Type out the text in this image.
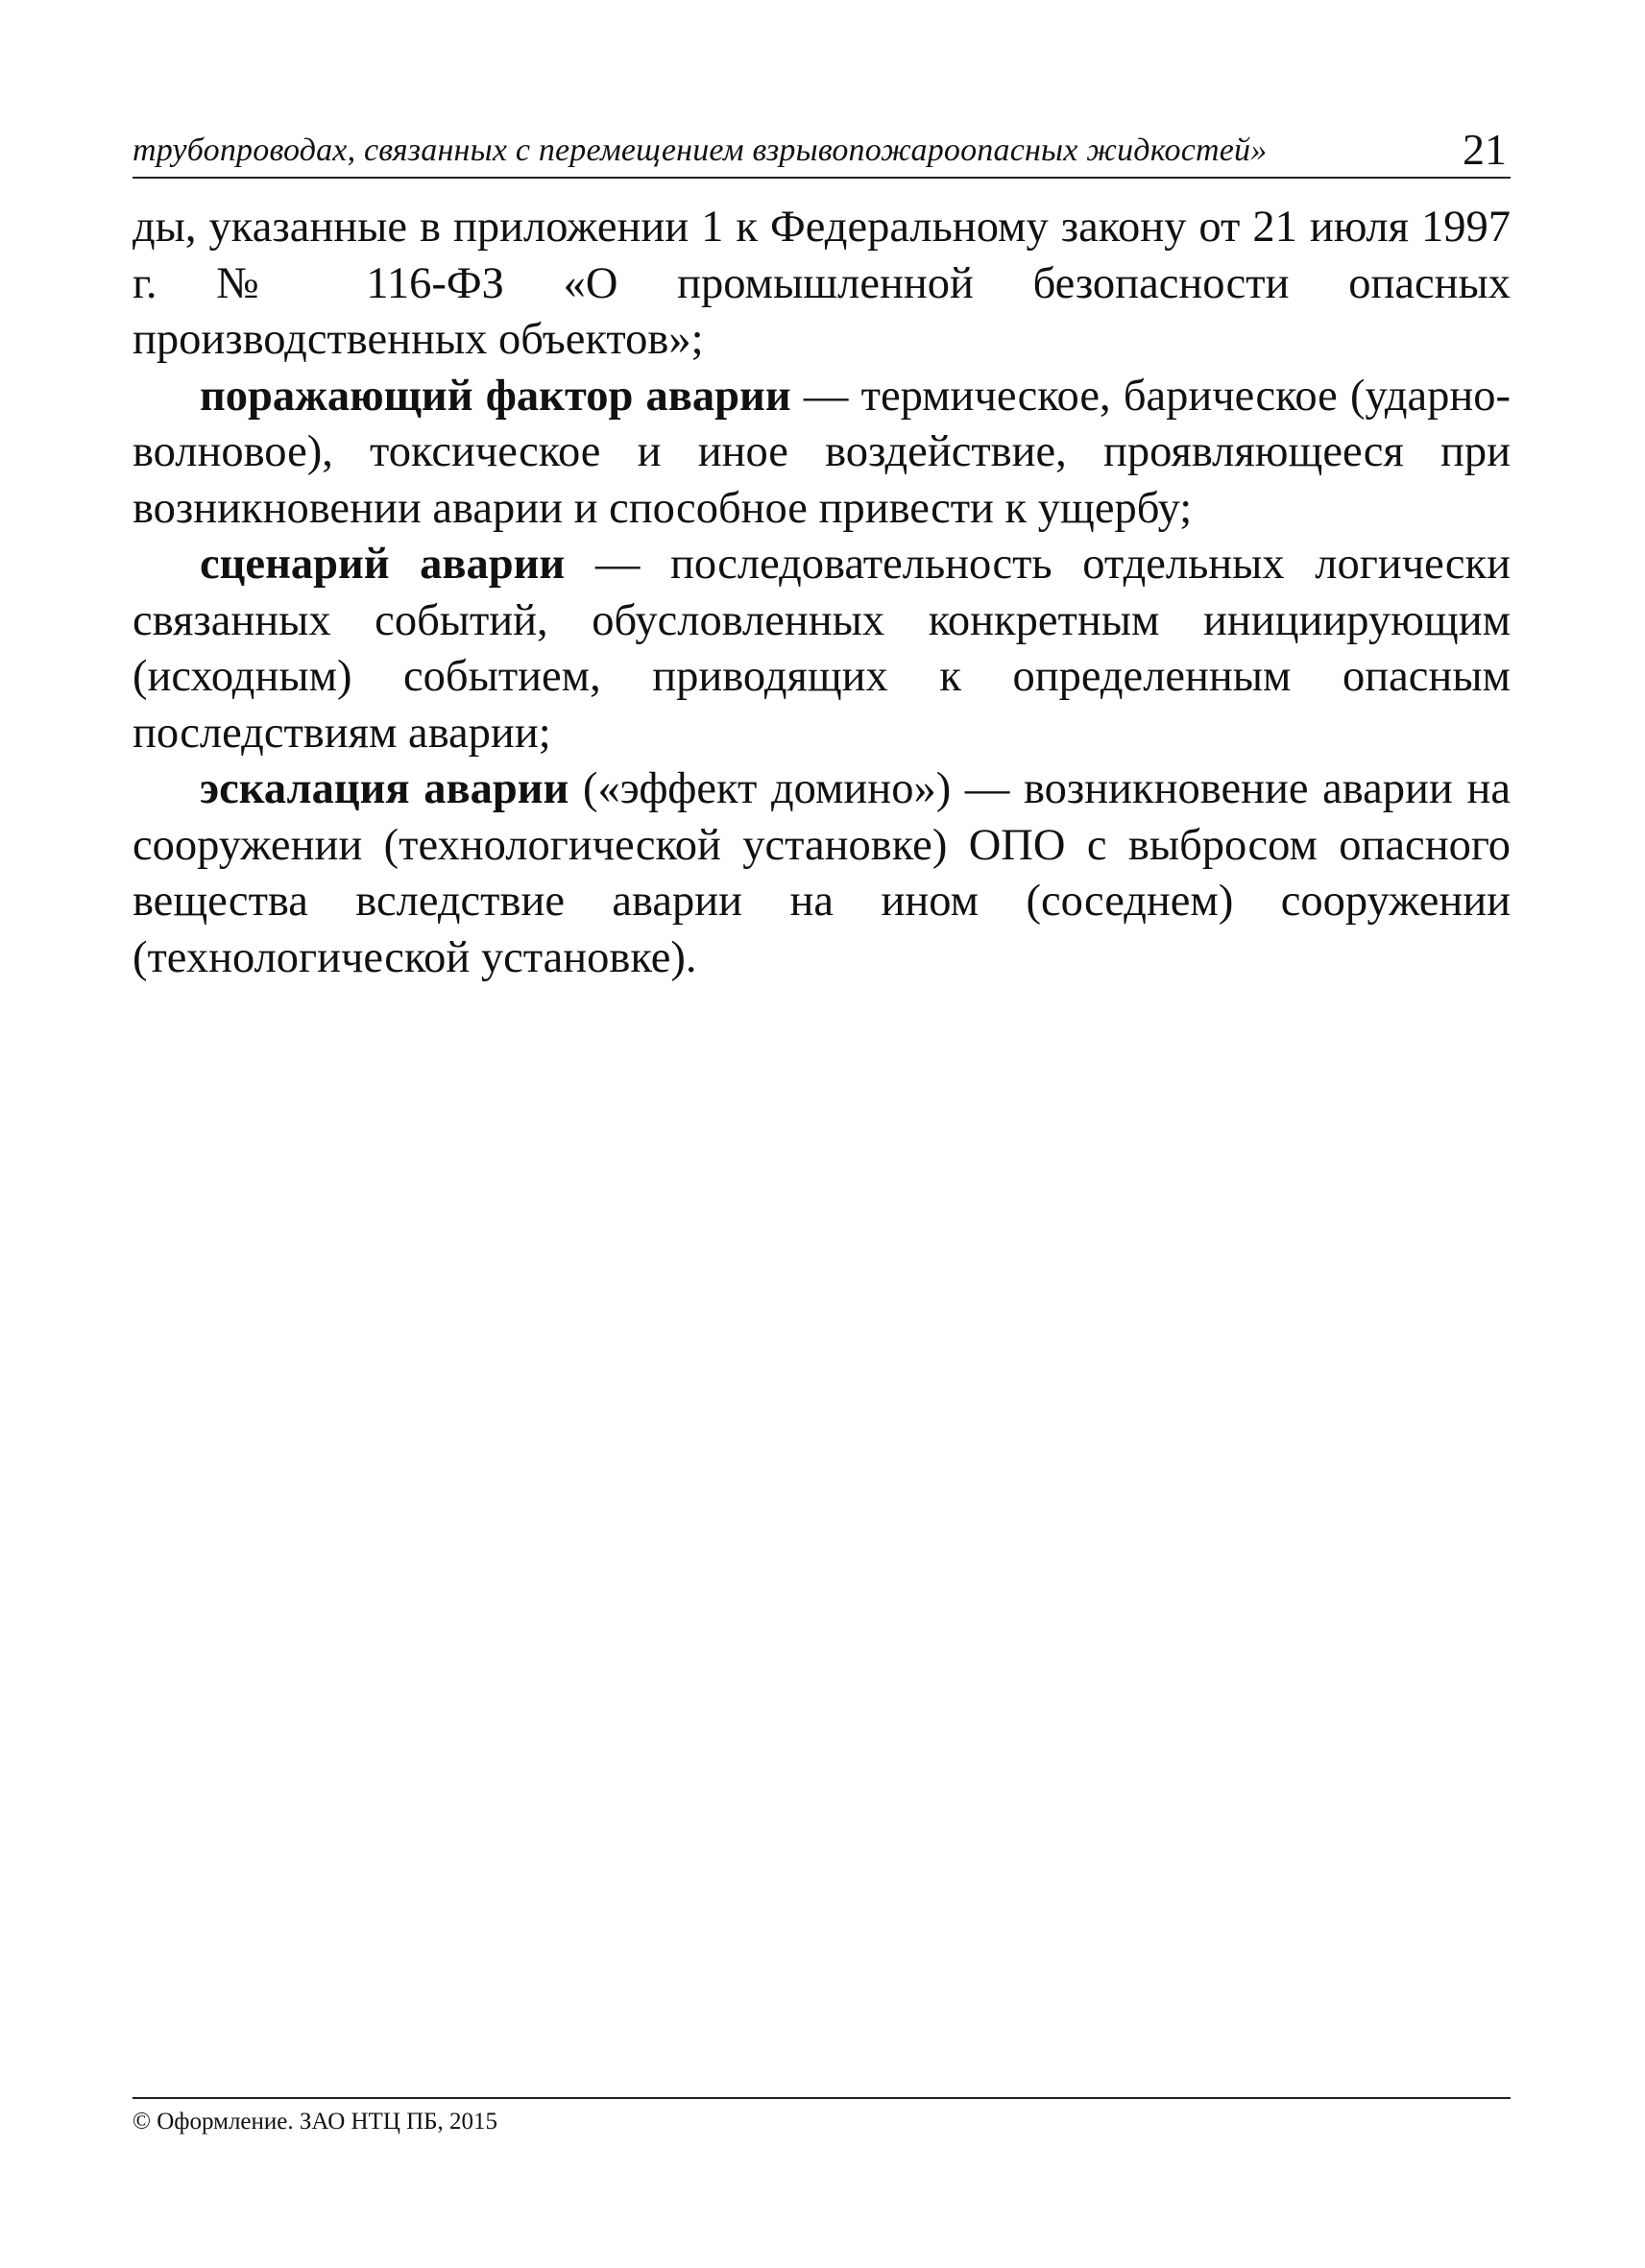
трубопроводах, связанных с перемещением взрывопожароопасных жидкостей»	21

ды, указанные в приложении 1 к Федеральному закону от 21 июля 1997 г. № 116-ФЗ «О промышленной безопасности опасных производственных объектов»;

поражающий фактор аварии — термическое, барическое (ударно-волновое), токсическое и иное воздействие, проявляющееся при возникновении аварии и способное привести к ущербу;

сценарий аварии — последовательность отдельных логически связанных событий, обусловленных конкретным инициирующим (исходным) событием, приводящих к определенным опасным последствиям аварии;

эскалация аварии («эффект домино») — возникновение аварии на сооружении (технологической установке) ОПО с выбросом опасного вещества вследствие аварии на ином (соседнем) сооружении (технологической установке).

© Оформление. ЗАО НТЦ ПБ, 2015
